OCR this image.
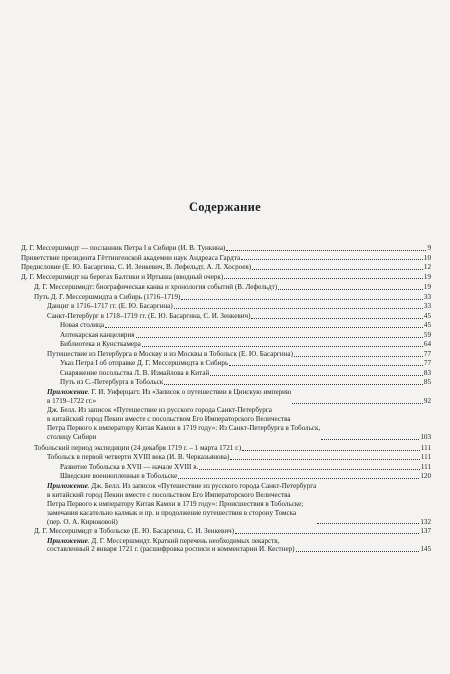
Содержание
Д. Г. Мессершмидт — посланник Петра I в Сибири (И. В. Тункина)	9
Приветствие президента Гёттингенской академии наук Андреаса Гардта	10
Предисловие (Е. Ю. Басаргина, С. И. Зенкевич, В. Лефельдт, А. Л. Хосроев)	12
Д. Г. Мессершмидт на берегах Балтики и Иртыша (вводный очерк)	19
Д. Г. Мессершмидт: биографическая канва и хронология событий (В. Лефельдт)	19
Путь Д. Г. Мессершмидта в Сибирь (1716–1719)	33
Данциг в 1716–1717 гг. (Е. Ю. Басаргина)	33
Санкт-Петербург в 1718–1719 гг. (Е. Ю. Басаргина, С. И. Зенкевич)	45
Новая столица	45
Аптекарская канцелярия	59
Библиотека и Кунсткамера	64
Путешествие из Петербурга в Москву и из Москвы в Тобольск (Е. Ю. Басаргина)	77
Указ Петра I об отправке Д. Г. Мессершмидта в Сибирь	77
Снаряжение посольства Л. В. Измайлова в Китай	83
Путь из С.-Петербурга в Тобольск	85
Приложение. Г. И. Унферцагт. Из «Записок о путешествии в Цинскую империю
в 1719–1722 гг.»	92
Дж. Белл. Из записок «Путешествие из русского города Санкт-Петербурга
в китайский город Пекин вместе с посольством Его Императорского Величества
Петра Первого к императору Китая Камхи в 1719 году»: Из Санкт-Петербурга в Тобольск,
столицу Сибири	103
Тобольский период экспедиции (24 декабря 1719 г. – 1 марта 1721 г.)	111
Тобольск в первой четверти XVIII века (И. В. Черказьянова)	111
Развитие Тобольска в XVII — начале XVIII в.	111
Шведские военнопленные в Тобольске	120
Приложение. Дж. Белл. Из записок «Путешествие из русского города Санкт-Петербурга
в китайский город Пекин вместе с посольством Его Императорского Величества
Петра Первого к императору Китая Камхи в 1719 году»: Происшествия в Тобольске;
замечания касательно калмык и пр. и продолжение путешествия в сторону Томска
(пер. О. А. Кирюковой)	132
Д. Г. Мессершмидт в Тобольске (Е. Ю. Басаргина, С. И. Зенкевич)	137
Приложение. Д. Г. Мессершмидт. Краткий перечень необходимых лекарств,
составленный 2 января 1721 г. (расшифровка росписи и комментарии И. Кестнер)	145
